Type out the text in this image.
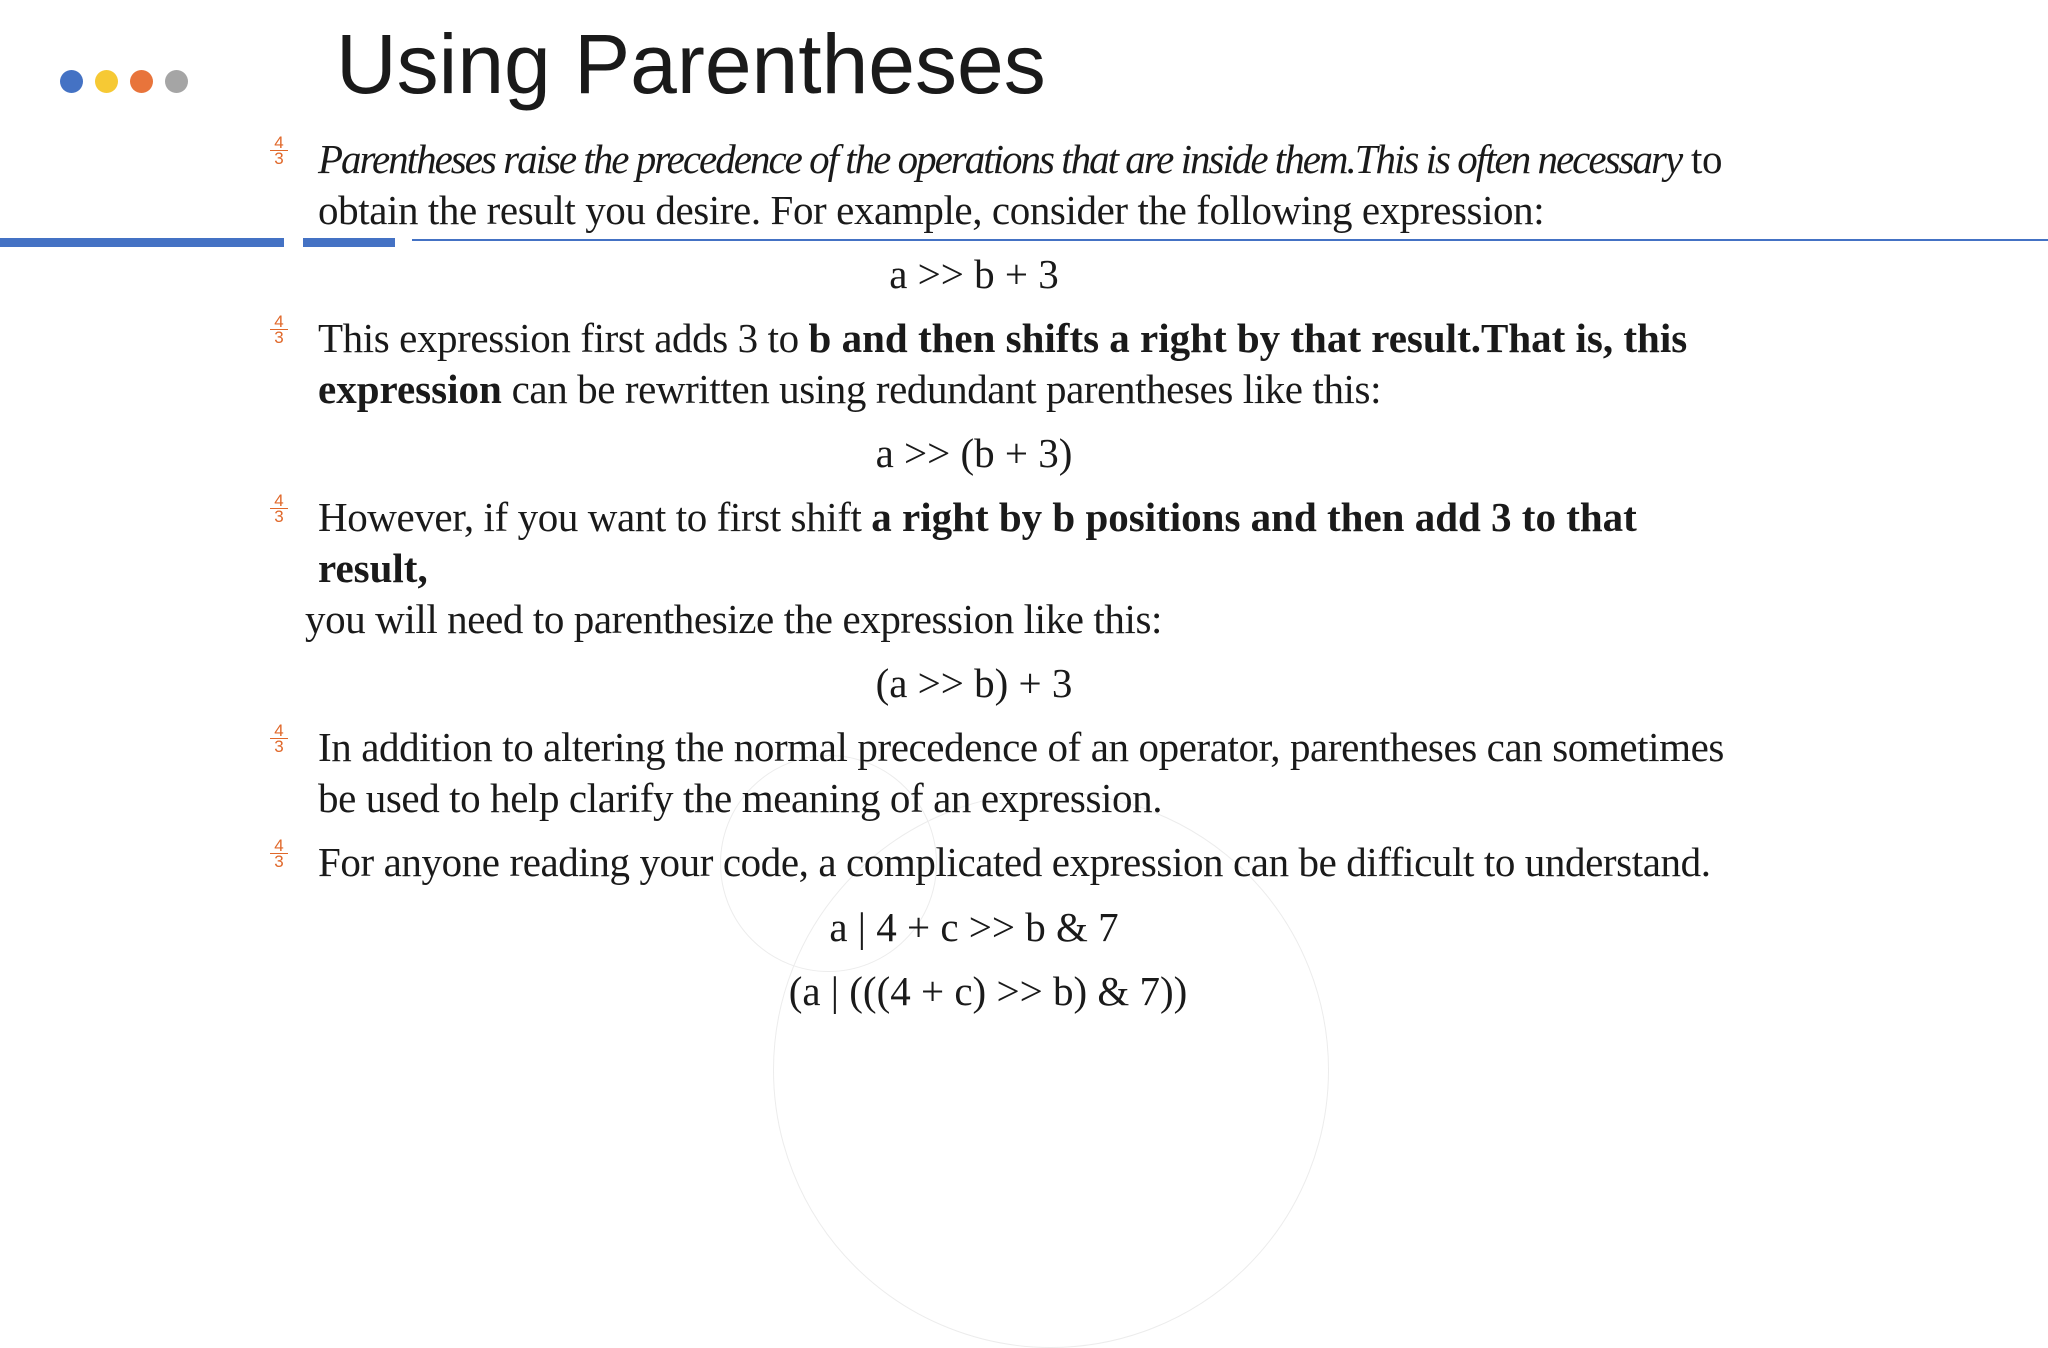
Using Parentheses
$\frac{4}{3}$ Parentheses raise the precedence of the operations that are inside them.This is often necessary to
obtain the result you desire. For example, consider the following expression:
a >> b + 3
$\frac{4}{3}$ This expression first adds 3 to b and then shifts a right by that result.That is, this
expression can be rewritten using redundant parentheses like this:
a >> (b + 3)
$\frac{4}{3}$ However, if you want to first shift a right by b positions and then add 3 to that
result,
you will need to parenthesize the expression like this:
(a >> b) + 3
$\frac{4}{3}$ In addition to altering the normal precedence of an operator, parentheses can sometimes
be used to help clarify the meaning of an expression.
$\frac{4}{3}$ For anyone reading your code, a complicated expression can be difficult to understand.
a | 4 + c >> b & 7
(a | (((4 + c) >> b) & 7))
